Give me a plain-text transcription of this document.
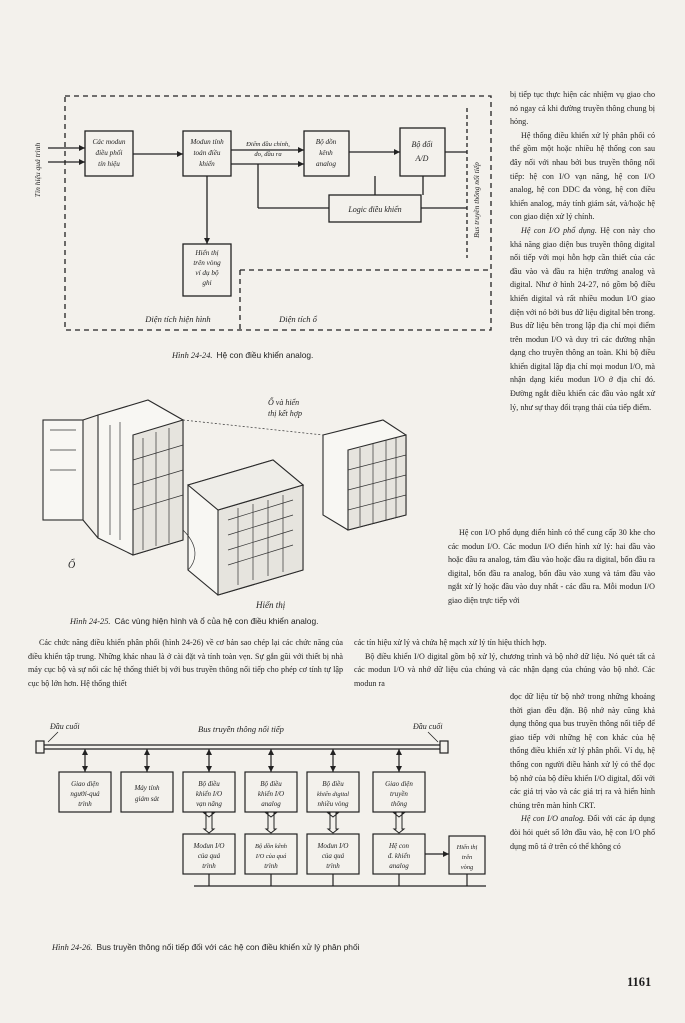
Các modun
điều phối
tín hiệu
Modun tính
toán điều
khiển
Điểm đầu chỉnh,
đo, đầu ra
Bộ dồn
kênh
analog
Bộ đổi
A/D
Logic điều khiển
Hiển thị
trên vòng
ví dụ bộ
ghi
Diện tích hiện hình	Diện tích ổ
Tín hiệu quá trình	Bus truyền thông nối tiếp
Hình 24-24. Hệ con điều khiển analog.
Ổ
Ổ và hiển
thị kết hợp
Hiển thị
Hình 24-25. Các vùng hiện hình và ổ của hệ con điều khiển analog.

bị tiếp tục thực hiện các nhiệm vụ giao cho nó ngay cả khi đường truyền thông chung bị hỏng.

Hệ thống điều khiển xử lý phân phối có thể gồm một hoặc nhiều hệ thống con sau đây nối với nhau bởi bus truyền thông nối tiếp: hệ con I/O vạn năng, hệ con I/O analog, hệ con DDC đa vòng, hệ con điều khiển analog, máy tính giám sát, và/hoặc hệ con giao diện xử lý chính.

Hệ con I/O phổ dụng. Hệ con này cho khả năng giao diện bus truyền thông digital nối tiếp với mọi hỗn hợp cần thiết của các đầu vào và đầu ra hiện trường analog và digital. Như ở hình 24-27, nó gồm bộ điều khiển digital và rất nhiều modun I/O giao diện với nó bởi bus dữ liệu digital bên trong. Bus dữ liệu bên trong lập địa chỉ mọi điểm trên modun I/O và duy trì các đường nhận dạng cho truyền thông an toàn. Khi bộ điều khiển digital lập địa chỉ mọi modun I/O, mà nhận dạng kiểu modun I/O ở địa chỉ đó. Đường ngắt điều khiển các đầu vào ngắt xử lý, như sự thay đổi trạng thái của tiếp điểm.

Hệ con I/O phổ dụng điển hình có thể cung cấp 30 khe cho các modun I/O. Các modun I/O điển hình xử lý: hai đầu vào hoặc đầu ra analog, tám đầu vào hoặc đầu ra digital, bốn đầu ra digital, bốn đầu ra analog, bốn đầu vào xung và tám đầu vào ngắt xử lý hoặc đầu vào duy nhất - các đầu ra. Mỗi modun I/O giao diện trực tiếp với

Các chức năng điều khiển phân phối (hình 24-26) về cơ bản sao chép lại các chức năng của điều khiển tập trung. Những khác nhau là ở cài đặt và tính toàn vẹn. Sự gắn gũi với thiết bị nhà máy cục bộ và sự nối các hệ thống thiết bị với bus truyền thông nối tiếp cho phép cơ tính tự lập cục bộ lớn hơn. Hệ thống thiết

các tín hiệu xử lý và chứa hệ mạch xử lý tín hiệu thích hợp.

Bộ điều khiển I/O digital gồm bộ xử lý, chương trình và bộ nhớ dữ liệu. Nó quét tất cả các modun I/O và nhớ dữ liệu của chúng và các nhận dạng của chúng vào bộ nhớ. Các modun ra

đọc dữ liệu từ bộ nhớ trong những khoảng thời gian đều đặn. Bộ nhớ này cũng khả dụng thông qua bus truyền thông nối tiếp để giao tiếp với những hệ con khác của hệ thống điều khiển xử lý phân phối. Ví dụ, hệ thống con người điều hành xử lý có thể đọc bộ nhớ của bộ điều khiển I/O digital, đối với các giá trị vào và các giá trị ra và hiển hình chúng trên màn hình CRT.

Hệ con I/O analog. Đối với các áp dụng đòi hỏi quét số lớn đầu vào, hệ con I/O phổ dụng mô tả ở trên có thể không có

Đầu cuối	Đầu cuối
Bus truyền thông nối tiếp
Giao diện
người-quá
trình
Máy tính
giám sát
Bộ điều
khiển I/O
vạn năng
Bộ điều
khiển I/O
analog
Bộ điều
khiển digital
nhiều vòng
Giao diện
truyền
thông
Modun I/O
của quá
trình
Bộ dồn kênh
I/O của quá
trình
Modun I/O
của quá
trình
Hệ con
đ. khiển
analog
Hiển thị
trên
vòng
Hình 24-26. Bus truyền thông nối tiếp đối với các hệ con điều khiển xử lý phân phối
1161
